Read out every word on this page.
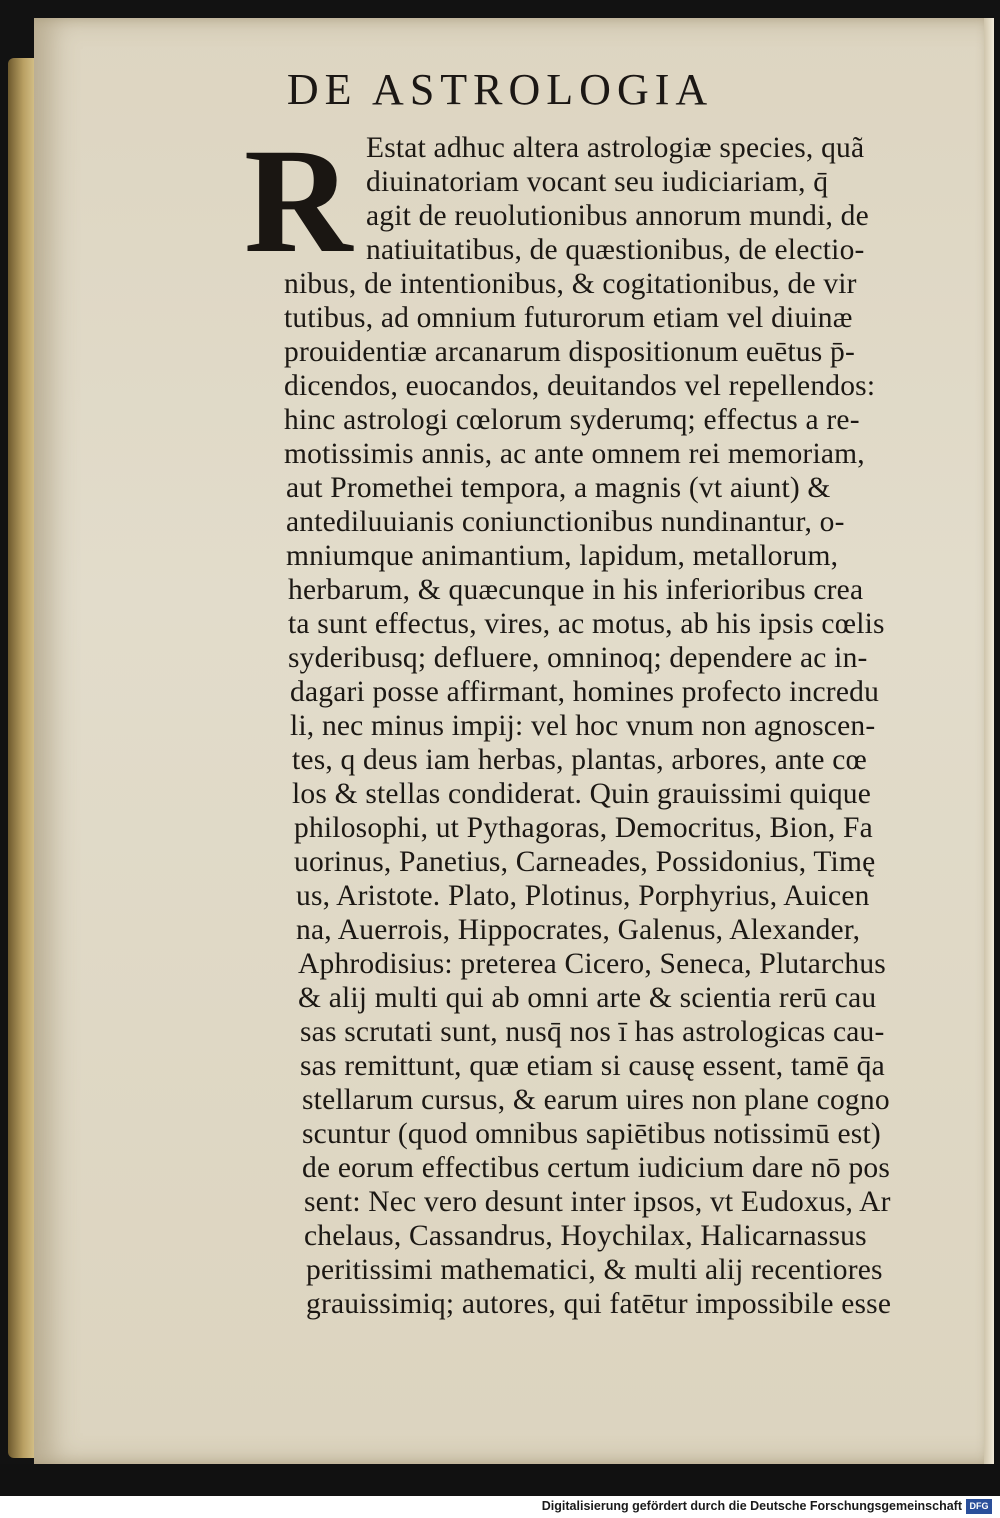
DE ASTROLOGIA
R Estat adhuc altera astrologiæ species, quã
diuinatoriam vocant seu iudiciariam, q̄
agit de reuolutionibus annorum mundi, de
natiuitatibus, de quæstionibus, de electio-
nibus, de intentionibus, & cogitationibus, de vir
tutibus, ad omnium futurorum etiam vel diuinæ
prouidentiæ arcanarum dispositionum euētus p̄-
dicendos, euocandos, deuitandos vel repellendos:
hinc astrologi cœlorum syderumq; effectus a re-
motissimis annis, ac ante omnem rei memoriam,
aut Promethei tempora, a magnis (vt aiunt) &
antediluuianis coniunctionibus nundinantur, o-
mniumque animantium, lapidum, metallorum,
herbarum, & quæcunque in his inferioribus crea
ta sunt effectus, vires, ac motus, ab his ipsis cœlis
syderibusq; defluere, omninoq; dependere ac in-
dagari posse affirmant, homines profecto incredu
li, nec minus impij: vel hoc vnum non agnoscen-
tes, q deus iam herbas, plantas, arbores, ante cœ
los & stellas condiderat. Quin grauissimi quique
philosophi, ut Pythagoras, Democritus, Bion, Fa
uorinus, Panetius, Carneades, Possidonius, Timę
us, Aristote. Plato, Plotinus, Porphyrius, Auicen
na, Auerrois, Hippocrates, Galenus, Alexander,
Aphrodisius: preterea Cicero, Seneca, Plutarchus
& alij multi qui ab omni arte & scientia rerū cau
sas scrutati sunt, nusq̄ nos ī has astrologicas cau-
sas remittunt, quæ etiam si causę essent, tamē q̄a
stellarum cursus, & earum uires non plane cogno
scuntur (quod omnibus sapiētibus notissimū est)
de eorum effectibus certum iudicium dare nō pos
sent: Nec vero desunt inter ipsos, vt Eudoxus, Ar
chelaus, Cassandrus, Hoychilax, Halicarnassus
peritissimi mathematici, & multi alij recentiores
grauissimiq; autores, qui fatētur impossibile esse
Digitalisierung gefördert durch die Deutsche Forschungsgemeinschaft DFG
